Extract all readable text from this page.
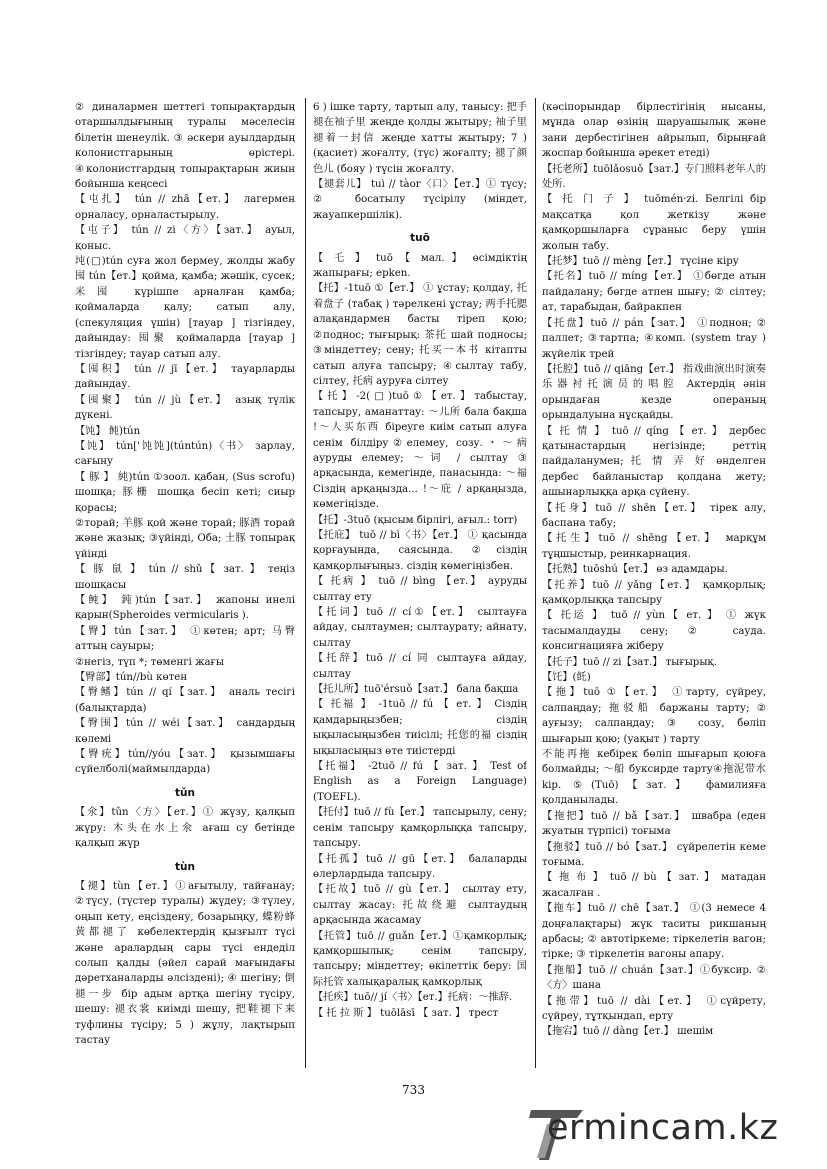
② диналармен шеттегі топырақтардың отаршылдығының туралы мәселесін білетін шенеуліk. ③ әскери ауылдардың колонистгарының өрістері. ④колонистгардың топырақтарын жиын бойынша кеңсесі

【屯扎】 tún // zhā【ет.】 лагермен орналасу, орналастырылу.

【屯子】 tún // zi〈方〉【зат.】 ауыл, қоныс.

坉(□)tún суға жол бермеу, жолды жабу 囤 tún【ет.】қойма, қамба; жәшік, сусек; 米囤 күрішпе арналған қамба; қоймаларда қалу; сатып алу, (спекуляция үшін) [тауар ] тізгіндеу, дайындау: 囤聚 қоймаларда [тауар ] тізгіндеу; тауар сатып алу.

【囤积】 tún // jī【ет.】 тауарларды дайындау.

【囤聚】 tún // jù【ет.】 азық түлік дүкені.

【饨】 飩)tún

【饨】 tún['饨饨](túntún)〈书〉 зарлау, сағыну

【 豚 】 純)tún ①зоол. қабан, (Sus scrofu) шошқа; 豚栅 шошқа бесіп кеті; сиыр қорасы;

②торай; 羊豚 қой және торай; 豚酒 торай және жазық; ③үйінді, Оба; 土豚 топырақ үйінді

【 豚 鼠 】 tún // shǔ【 зат. 】 теңіз шошқасы

【鲀】 鈍)tún【зат.】 жапоны инелі қарын(Spheroides vermicularis ).

【臀】tún【зат.】 ①көтен; арт; 马臀 аттың сауыры;

②негіз, түп *; төменгі жағы

【臀部】tún//bù көтен

【臀鳍】tún // qí【зат.】 аналь тесігі (балықтарда)

【臀围】tún // wéi【зат.】 сандардың көлемі

【臀疣】tún//yóu【зат.】 қызымшағы сүйелболі(маймылдарда)

tǔn

【氽】tǔn〈方〉【ет.】① жүзу, қалқып жүру: 木头在水上氽 ағаш су бетінде қалқып жүр

tùn

【褪】tùn【ет.】①ағытылу, тайғанау; ②түсу, (түстер туралы) жүдеу; ③түлеу, оңып кету, еңсіздену, бозарыңқу, 蝶粉蜂黄都褪了 көбелектердің қызғылт түсі және аралардың сары түсі ендеділ солып қалды (әйел сарай мағындағы дәретханаларды әлсіздені); ④ шегіну; 倒褪一步 бір адым артқа шегіну түсіру, шешу: 褪衣裳 киімді шешу, 把鞋褪下来 туфлины түсіру; 5 ) жұлу, лақтырып тастау

6 ) ішке тарту, тартып алу, танысу: 把手褪在袖子里 жеңде қолды жытыру; 袖子里褪着一封信 жеңде хатты жытыру; 7 ) (қасиет) жоғалту, (түс) жоғалту; 褪了颜色儿 (бояу ) түсін жоғалту.

【褪套儿】 tuì // tàor〈口〉【ет.】① түсу; ② босатылу түсірілу (міндет, жауапкершілік).

tuō

【 乇 】 tuō 【 мал. 】 өсімдіктің жапырағы; ерken.

【托】-1tuō ①【ет.】 ① ұстау; қолдау, 托着盘子 (табақ ) тәрелкені ұстау; 两手托腮 алақандармен басты тіреп қою; ②поднос; тығырық: 茶托 шай подносы; ③міндеттеу; сену; 托买一本书 кітапты сатып алуға тапсыру; ④сылтау табу, сілтеу, 托病 ауруға сілтеу

【托】-2(□)tuō①【ет.】табыстау, тапсыру, аманаттау: ～儿所 бала бақша !～人买东西 біреуге киім сатып алуға сенім білдіру②елемеу, созу.・～病 ауруды елемеу; ～词 / сылтау ③ арқасында, кемегінде, панасында: ～福 Сіздің арқаңызда... !～庇 / арқаңызда, көмегіңізде.

【托】-3tuō (қысым бірлігі, ағыл.: torr)

【托庇】 tuō // bì〈书〉【ет.】 ① қасында қорғауында, саясында. ②сіздің қамқорлығыңыз. сіздің көмегіңізбен.

【 托病 】 tuō // bìng 【ет.】 ауруды сылтау ету

【托词】tuō // cí①【ет.】 сылтауға айдау, сылтаумен; сылтаурату; айнату, сылтау

【托辞】tuō // cí 同 сылтауға айдау, сылтау

【托儿所】tuō'érsuǒ【зат.】 бала бақша

【 托福 】 -1tuō // fú 【 ет. 】 Сіздің қамдарыңызбен; сіздің ықыласыңызбен тиісілі; 托您的福 сіздің ықыласыңыз өте тиістерді

【托福】 -2tuō // fú 【 зат. 】 Test of English as a Foreign Language) (TOEFL).

【托付】tuō // fù【ет.】 тапсырылу, сену; сенім тапсыру қамқорлыққа тапсыру, тапсыру.

【托孤】tuō // gū【ет.】 балаларды өлерлардыда тапсыру.

【托故】tuō // gù【ет.】 сылтау ету, сылтау жасау: 托故绕避 сылтаудың арқасында жасамау

【托管】tuō // guǎn【ет.】①қамқорлық; қамқоршылық; сенім тапсыру, тапсыру; міндеттеу; өкілеттік беру: 国际托管 халықаралық қамқорлық

【托疾】tuō// jí〈书〉【ет.】托病：～推辞.

【 托 拉 斯 】 tuōlāsī 【 зат. 】 трест

(кәсіпорындар бірлестігінің нысаны, мұнда олар өзінің шаруашылық және зани дербестігінен айрылып, бірыңғай жоспар бойынша әрекет етеді)

【托老所】tuōlǎosuǒ【зат.】专门照料老年人的处所.

【 托 门 子 】 tuōmén·zi. Белгілі бір мақсатқа қол жеткізу және қамқоршыларға сұраныс беру үшін жолын табу.

【托梦】tuō // mèng【ет.】 түсіне кіру

【托名】tuō // míng【ет.】 ①бөгде атын пайдалану; бөгде атпен шығу; ② сілтеу; ат, тарабыдан, байракпен

【托盘】tuō // pán【зат.】 ①поднон; ② паллет; ③тартпа; ④комп. (system tray ) жүйелік трей

【托腔】tuō // qiāng【ет.】 指戏曲演出时演奏乐器衬托演员的唱腔 Актердің әнін орындаған кезде операның орындалуына нұсқайды.

【 托 情 】 tuō // qíng 【 ет. 】 дербес қатынастардың негізінде; реттің пайдаланумен; 托 情 弄 好 өнделген дербес байланыстар қолдана жету; ашынарлыққа арқа сүйену.

【托身】tuō // shēn【ет.】 тірек алу, баспана табу;

【托生】tuō // shēng【ет.】 марқұм тұңшыстыр, реинкарнация.

【托熟】tuōshú【ет.】 өз адамдары.

【托养】tuō // yǎng【ет.】 қамқорлық; қамқорлыққа тапсыру

【 托运 】 tuō // yùn【 ет. 】 ① жүк тасымалдауды сену; ② сауда. консигнацияға жіберу

【托子】tuō // zi【зат.】 тығырық.

【饦】(飥)

【拖】tuō ①【ет.】 ①тарту, сүйреу, салпаңдау; 拖驳船 баржаны тарту; ② ауғызу; салпаңдау; ③ созу, бөліп шығарып қою; (уақыт ) тарту

不能再拖 кебірек бөліп шығарып қоюға болмайды; ～船 буксирде тарту④拖泥带水 kір. ⑤(Tuō)【зат.】 фамилияға қолданылады.

【拖把】tuō // bǎ【зат.】 швабра (еден жуатын түрпісі) тоғыма

【拖驳】tuō // bó【зат.】 сүйрелетін кеме тоғыма.

【 拖 布 】 tuō // bù 【 зат. 】 матадан жасалған .

【拖车】tuō // chē【зат.】 ①(3 немесе 4 доңғалақтары) жүк таситы рикшаның арбасы; ② автотіркеме: тіркелетін вагон; тірке; ③ тіркелетін вагоны апару.

【拖船】tuō // chuán【зат.】①буксир. ②〈方〉шана

【拖带】tuō // dài【ет.】 ①сүйрету, сүйреу, тұтқындап, ерту

【拖宕】tuō // dàng【ет.】 шешім

733
ermincam.kz
